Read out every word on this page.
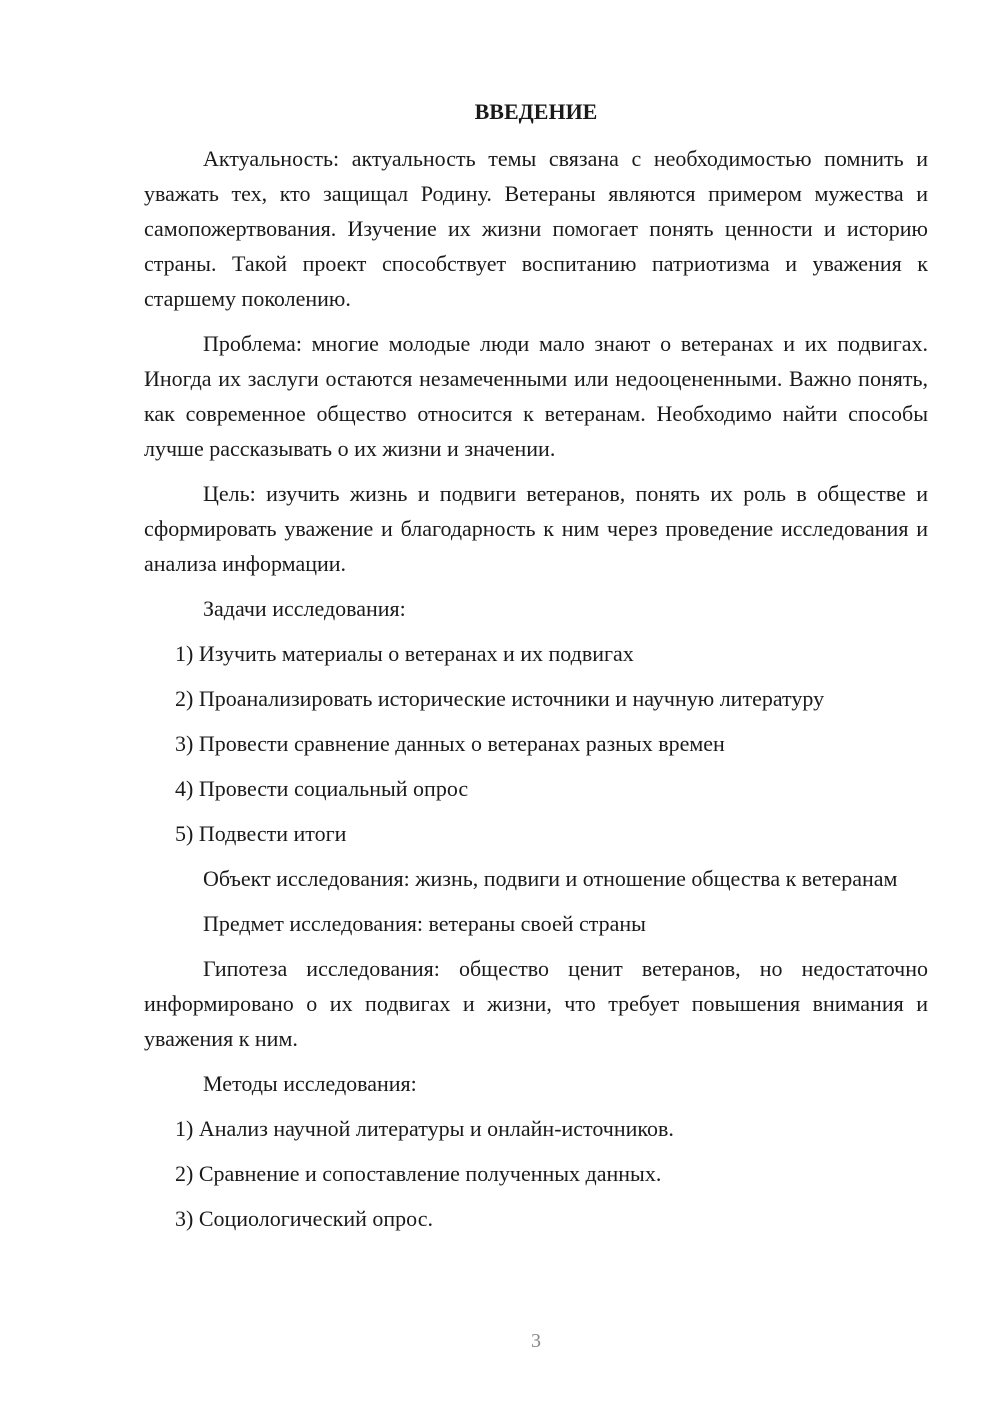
ВВЕДЕНИЕ

Актуальность: актуальность темы связана с необходимостью помнить и уважать тех, кто защищал Родину. Ветераны являются примером мужества и самопожертвования. Изучение их жизни помогает понять ценности и историю страны. Такой проект способствует воспитанию патриотизма и уважения к старшему поколению.

Проблема: многие молодые люди мало знают о ветеранах и их подвигах. Иногда их заслуги остаются незамеченными или недооцененными. Важно понять, как современное общество относится к ветеранам. Необходимо найти способы лучше рассказывать о их жизни и значении.

Цель: изучить жизнь и подвиги ветеранов, понять их роль в обществе и сформировать уважение и благодарность к ним через проведение исследования и анализа информации.

Задачи исследования:

1) Изучить материалы о ветеранах и их подвигах
2) Проанализировать исторические источники и научную литературу
3) Провести сравнение данных о ветеранах разных времен
4) Провести социальный опрос
5) Подвести итоги

Объект исследования: жизнь, подвиги и отношение общества к ветеранам

Предмет исследования: ветераны своей страны

Гипотеза исследования: общество ценит ветеранов, но недостаточно информировано о их подвигах и жизни, что требует повышения внимания и уважения к ним.

Методы исследования:

1) Анализ научной литературы и онлайн-источников.
2) Сравнение и сопоставление полученных данных.
3) Социологический опрос.
3
